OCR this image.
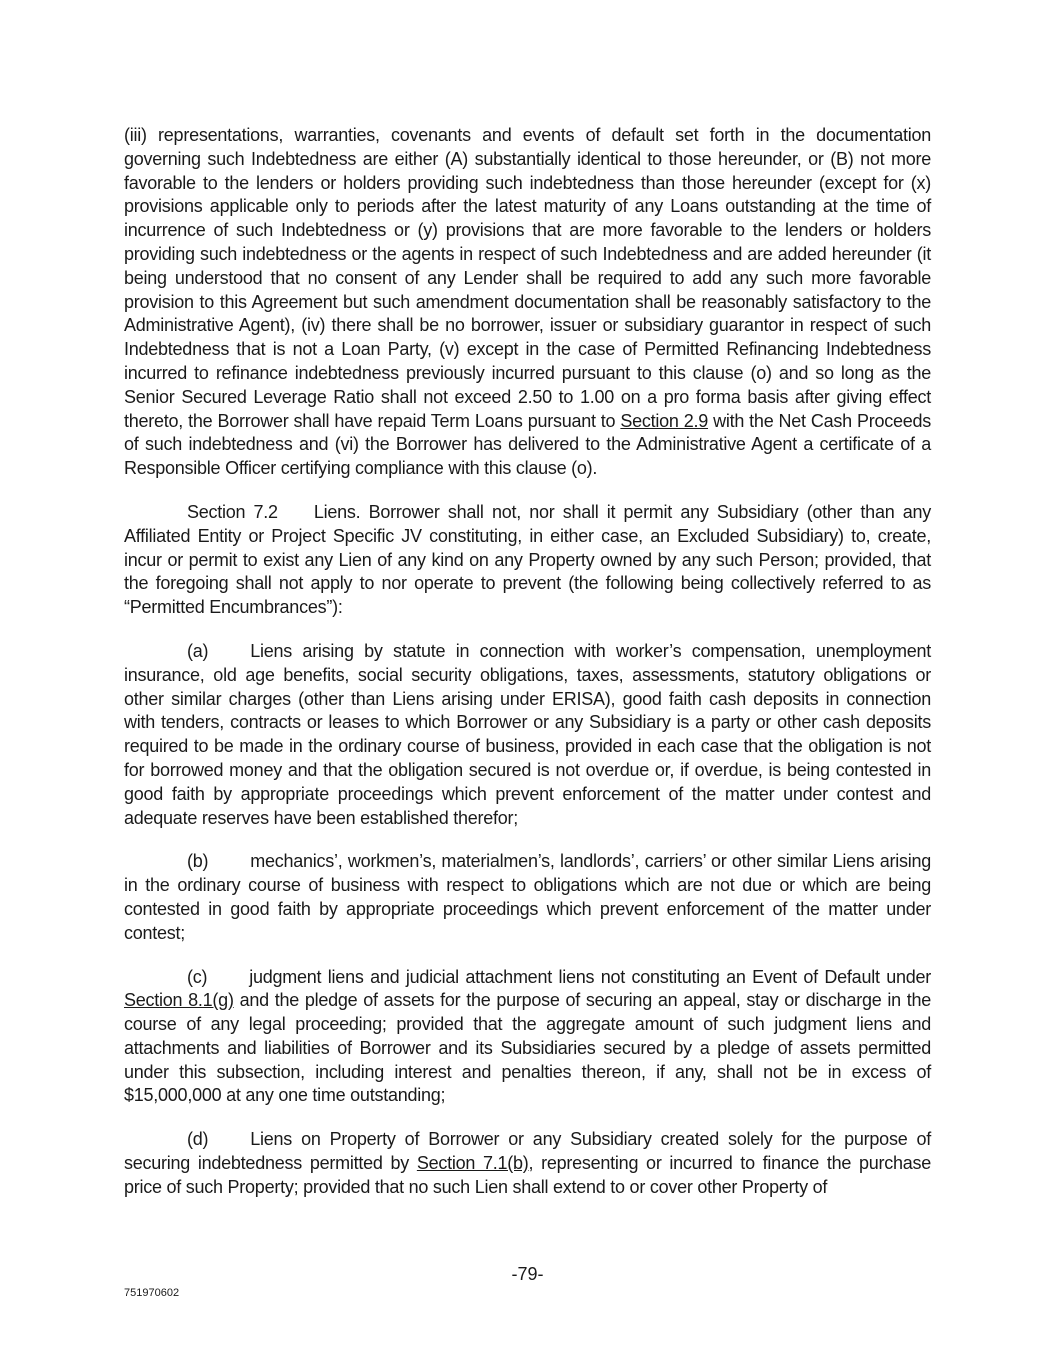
(iii) representations, warranties, covenants and events of default set forth in the documentation governing such Indebtedness are either (A) substantially identical to those hereunder, or (B) not more favorable to the lenders or holders providing such indebtedness than those hereunder (except for (x) provisions applicable only to periods after the latest maturity of any Loans outstanding at the time of incurrence of such Indebtedness or (y) provisions that are more favorable to the lenders or holders providing such indebtedness or the agents in respect of such Indebtedness and are added hereunder (it being understood that no consent of any Lender shall be required to add any such more favorable provision to this Agreement but such amendment documentation shall be reasonably satisfactory to the Administrative Agent), (iv) there shall be no borrower, issuer or subsidiary guarantor in respect of such Indebtedness that is not a Loan Party, (v) except in the case of Permitted Refinancing Indebtedness incurred to refinance indebtedness previously incurred pursuant to this clause (o) and so long as the Senior Secured Leverage Ratio shall not exceed 2.50 to 1.00 on a pro forma basis after giving effect thereto, the Borrower shall have repaid Term Loans pursuant to Section 2.9 with the Net Cash Proceeds of such indebtedness and (vi) the Borrower has delivered to the Administrative Agent a certificate of a Responsible Officer certifying compliance with this clause (o).

Section 7.2 Liens. Borrower shall not, nor shall it permit any Subsidiary (other than any Affiliated Entity or Project Specific JV constituting, in either case, an Excluded Subsidiary) to, create, incur or permit to exist any Lien of any kind on any Property owned by any such Person; provided, that the foregoing shall not apply to nor operate to prevent (the following being collectively referred to as “Permitted Encumbrances”):

(a) Liens arising by statute in connection with worker’s compensation, unemployment insurance, old age benefits, social security obligations, taxes, assessments, statutory obligations or other similar charges (other than Liens arising under ERISA), good faith cash deposits in connection with tenders, contracts or leases to which Borrower or any Subsidiary is a party or other cash deposits required to be made in the ordinary course of business, provided in each case that the obligation is not for borrowed money and that the obligation secured is not overdue or, if overdue, is being contested in good faith by appropriate proceedings which prevent enforcement of the matter under contest and adequate reserves have been established therefor;

(b) mechanics’, workmen’s, materialmen’s, landlords’, carriers’ or other similar Liens arising in the ordinary course of business with respect to obligations which are not due or which are being contested in good faith by appropriate proceedings which prevent enforcement of the matter under contest;

(c) judgment liens and judicial attachment liens not constituting an Event of Default under Section 8.1(g) and the pledge of assets for the purpose of securing an appeal, stay or discharge in the course of any legal proceeding; provided that the aggregate amount of such judgment liens and attachments and liabilities of Borrower and its Subsidiaries secured by a pledge of assets permitted under this subsection, including interest and penalties thereon, if any, shall not be in excess of $15,000,000 at any one time outstanding;

(d) Liens on Property of Borrower or any Subsidiary created solely for the purpose of securing indebtedness permitted by Section 7.1(b), representing or incurred to finance the purchase price of such Property; provided that no such Lien shall extend to or cover other Property of

-79-
751970602
